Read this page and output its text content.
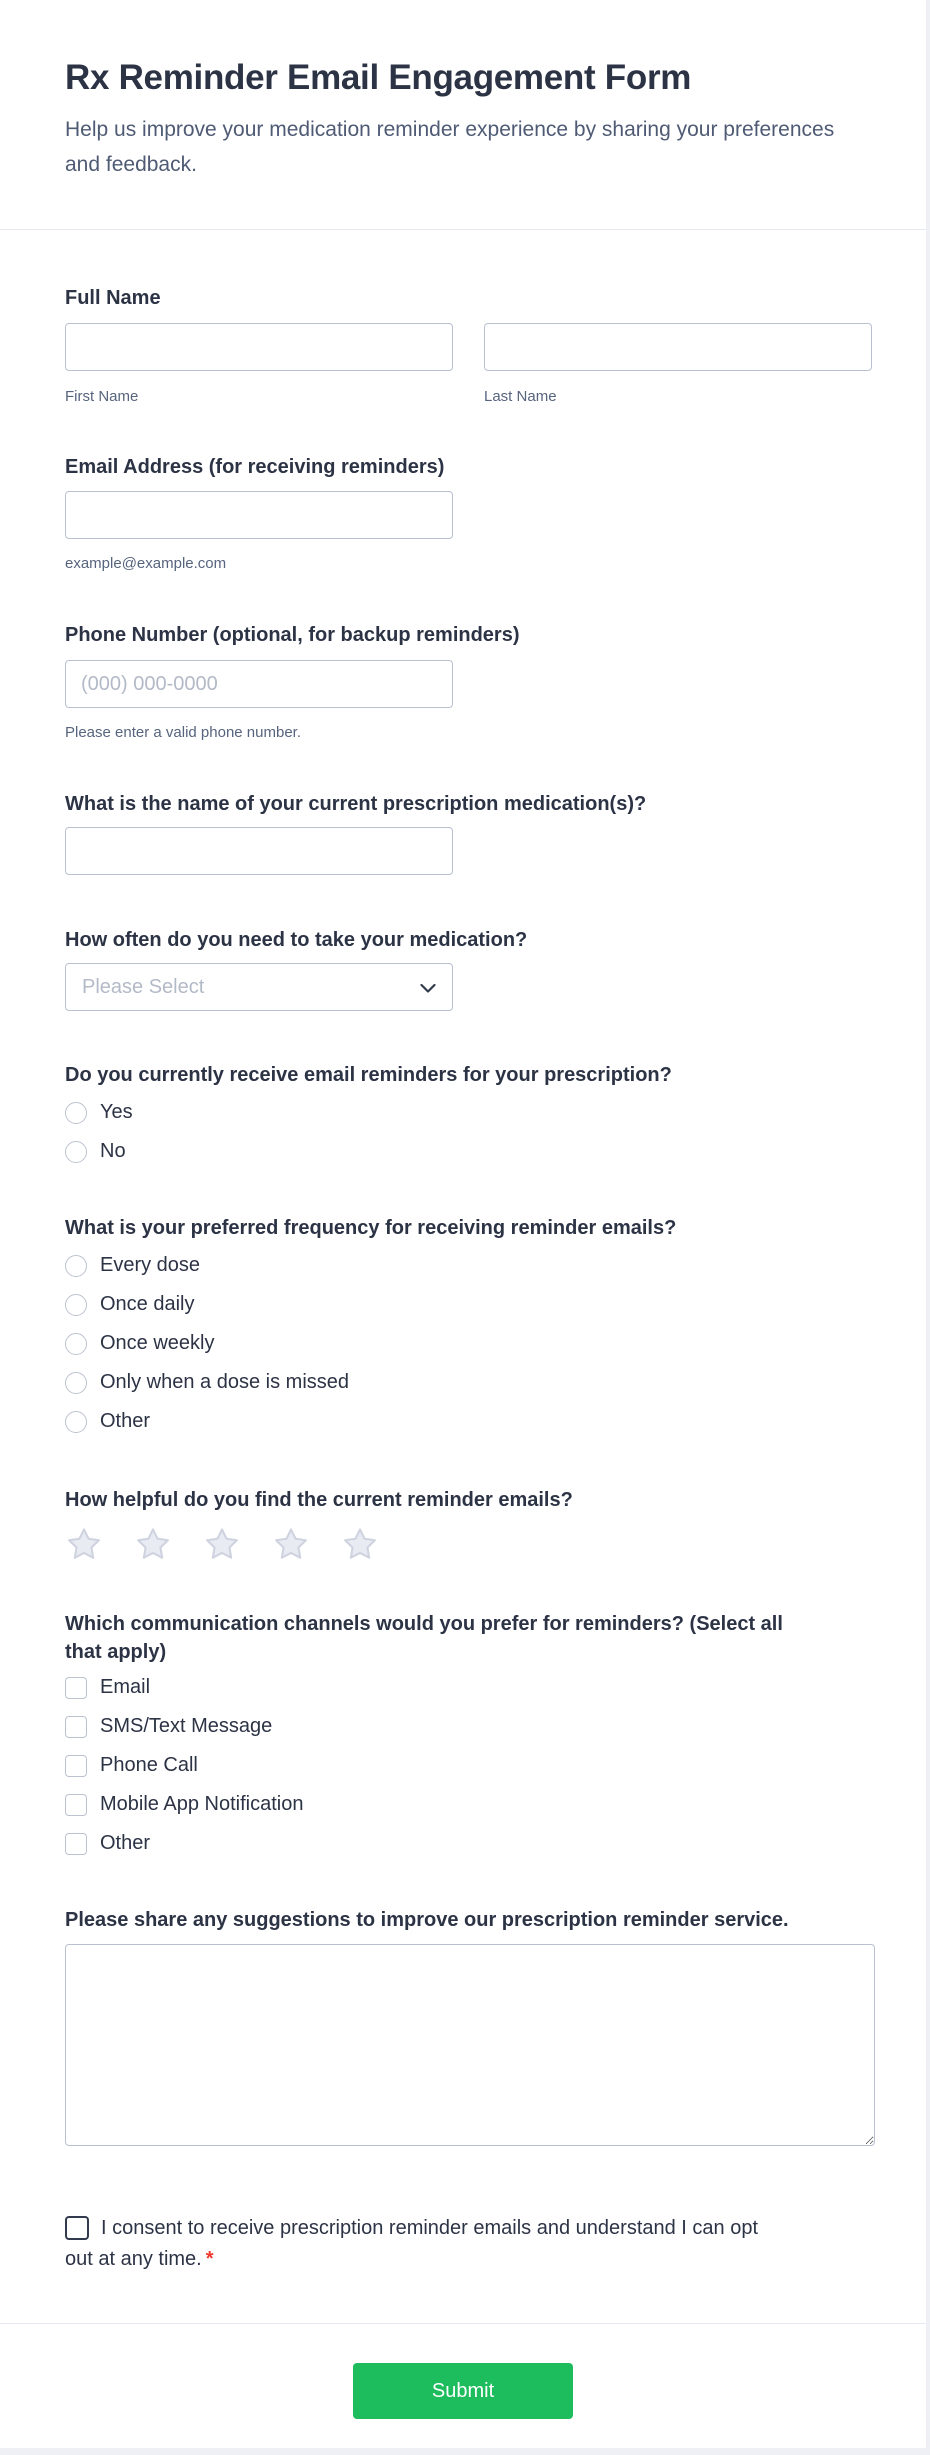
Rx Reminder Email Engagement Form

Help us improve your medication reminder experience by sharing your preferences and feedback.

Full Name
First Name	Last Name
Email Address (for receiving reminders)
example@example.com
Phone Number (optional, for backup reminders)
(000) 000-0000
Please enter a valid phone number.
What is the name of your current prescription medication(s)?
How often do you need to take your medication?
Please Select
Do you currently receive email reminders for your prescription?
Yes
No
What is your preferred frequency for receiving reminder emails?
Every dose
Once daily
Once weekly
Only when a dose is missed
Other
How helpful do you find the current reminder emails?
Which communication channels would you prefer for reminders? (Select all that apply)
Email
SMS/Text Message
Phone Call
Mobile App Notification
Other
Please share any suggestions to improve our prescription reminder service.
I consent to receive prescription reminder emails and understand I can opt out at any time. *
Submit
